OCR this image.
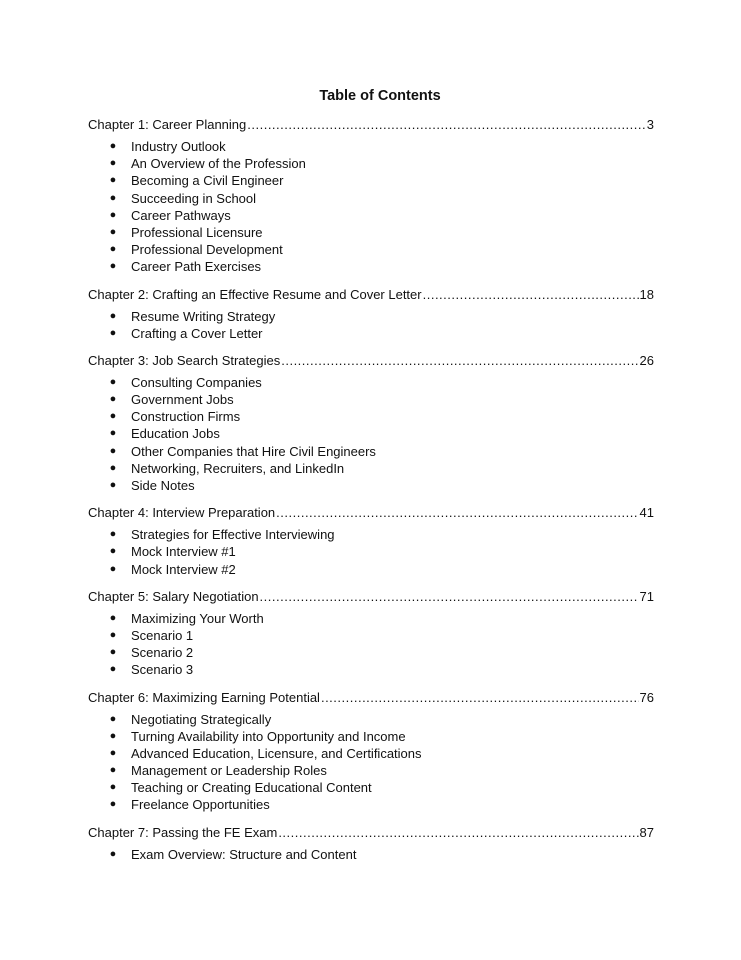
Table of Contents
Chapter 1: Career Planning .....	3
● Industry Outlook
● An Overview of the Profession
● Becoming a Civil Engineer
● Succeeding in School
● Career Pathways
● Professional Licensure
● Professional Development
● Career Path Exercises
Chapter 2: Crafting an Effective Resume and Cover Letter .....	18
● Resume Writing Strategy
● Crafting a Cover Letter
Chapter 3: Job Search Strategies .....	26
● Consulting Companies
● Government Jobs
● Construction Firms
● Education Jobs
● Other Companies that Hire Civil Engineers
● Networking, Recruiters, and LinkedIn
● Side Notes
Chapter 4: Interview Preparation .....	41
● Strategies for Effective Interviewing
● Mock Interview #1
● Mock Interview #2
Chapter 5: Salary Negotiation .....	71
● Maximizing Your Worth
● Scenario 1
● Scenario 2
● Scenario 3
Chapter 6: Maximizing Earning Potential .....	76
● Negotiating Strategically
● Turning Availability into Opportunity and Income
● Advanced Education, Licensure, and Certifications
● Management or Leadership Roles
● Teaching or Creating Educational Content
● Freelance Opportunities
Chapter 7: Passing the FE Exam .....	87
● Exam Overview: Structure and Content
